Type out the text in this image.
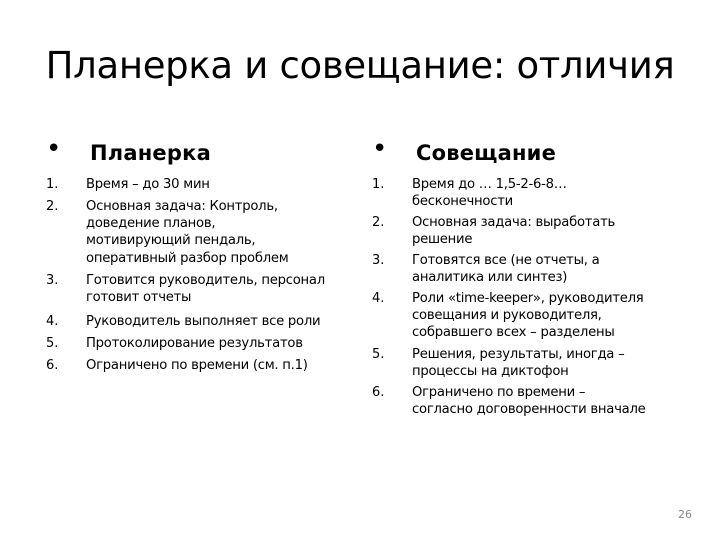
Планерка и совещание: отличия
• Планерка
1. Время – до 30 мин
2. Основная задача: Контроль,
доведение планов,
мотивирующий пендаль,
оперативный разбор проблем
3. Готовится руководитель, персонал
готовит отчеты
4. Руководитель выполняет все роли
5. Протоколирование результатов
6. Ограничено по времени (см. п.1)
• Совещание
1. Время до … 1,5-2-6-8…
бесконечности
2. Основная задача: выработать
решение
3. Готовятся все (не отчеты, а
аналитика или синтез)
4. Роли «time-keeper», руководителя
совещания и руководителя,
собравшего всех – разделены
5. Решения, результаты, иногда –
процессы на диктофон
6. Ограничено по времени –
согласно договоренности вначале
26
